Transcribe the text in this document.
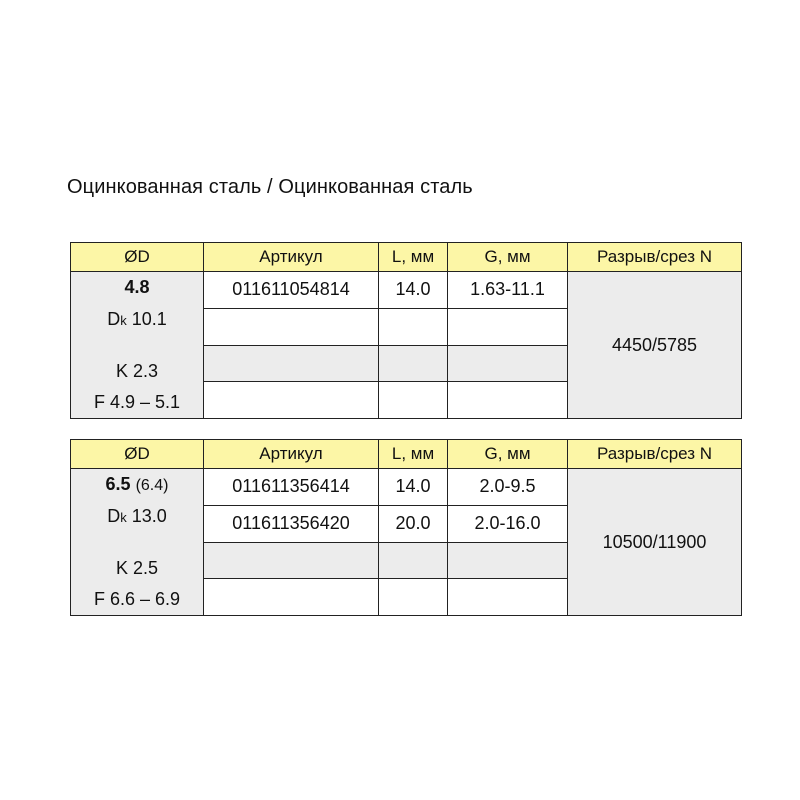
Оцинкованная сталь / Оцинкованная сталь
ØD	Артикул	L, мм	G, мм	Разрыв/срез N

4.8
Dk 10.1
K 2.3
F 4.9 – 5.1	011611054814	14.0	1.63-11.1	4450/5785

ØD	Артикул	L, мм	G, мм	Разрыв/срез N

6.5 (6.4)
Dk 13.0
K 2.5
F 6.6 – 6.9	011611356414	14.0	2.0-9.5	10500/11900
	011611356420	20.0	2.0-16.0	
